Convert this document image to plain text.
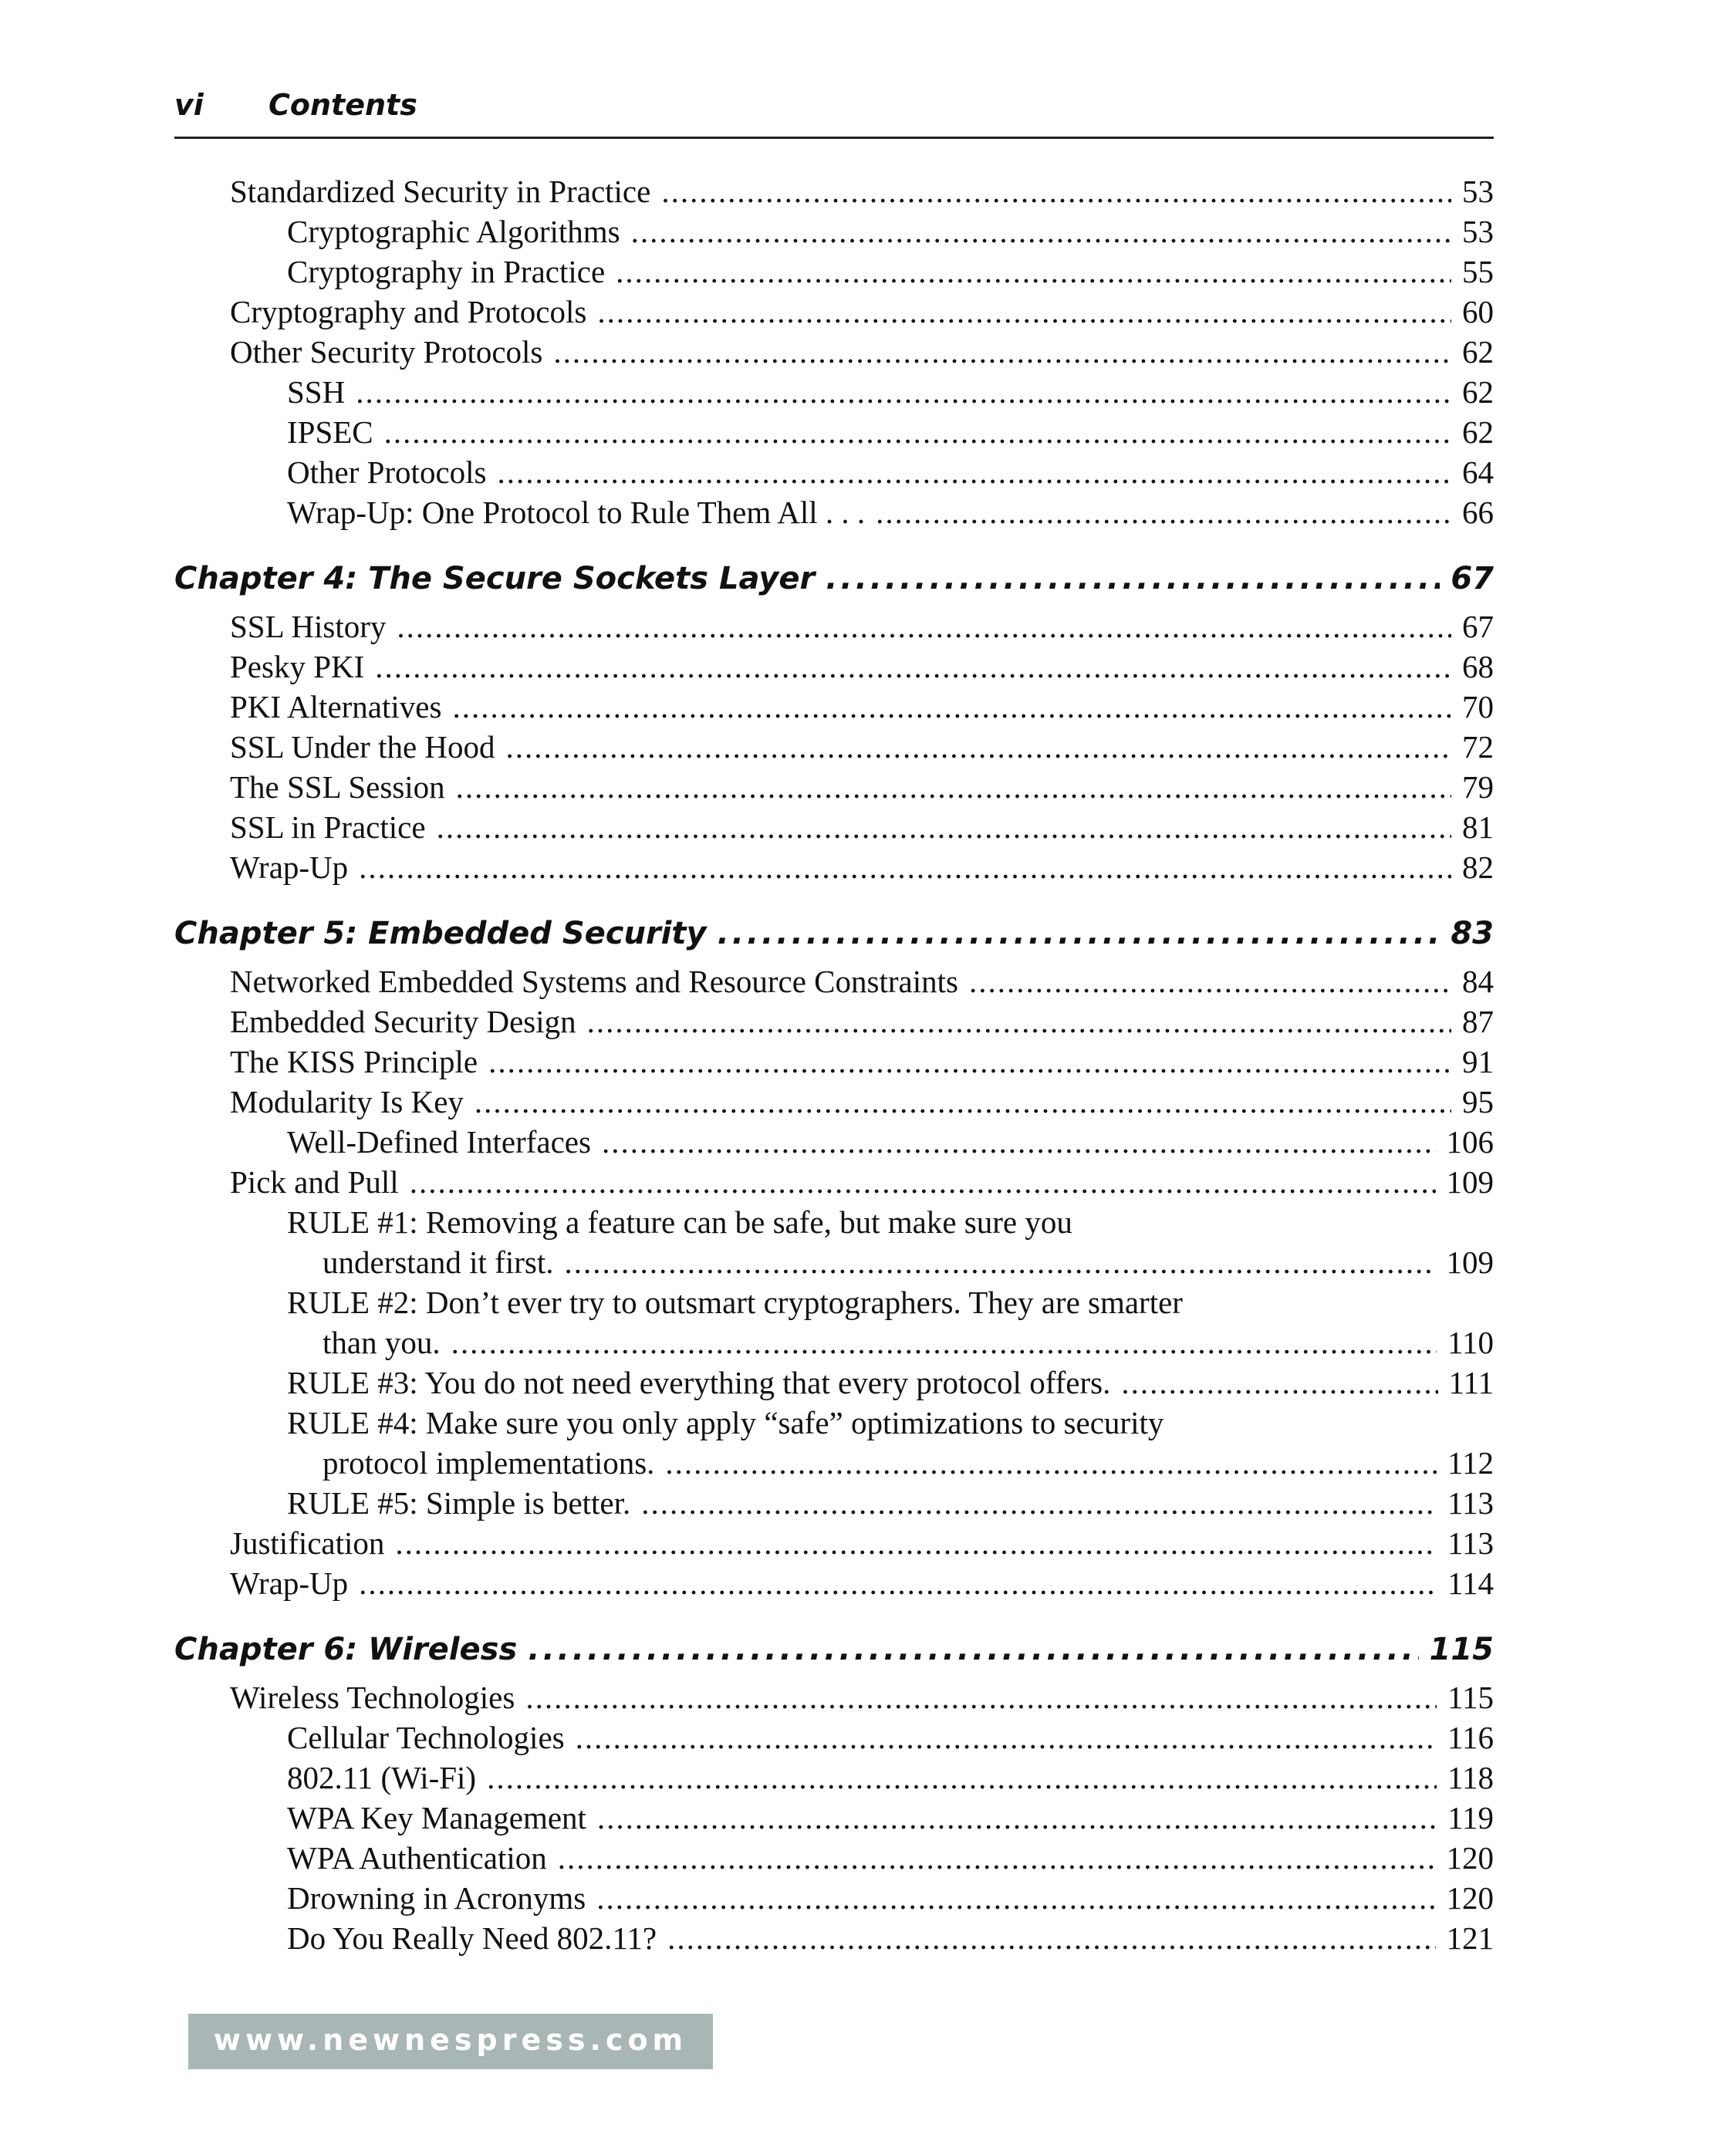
vi Contents
Standardized Security in Practice .....	53
Cryptographic Algorithms .....	53
Cryptography in Practice .....	55
Cryptography and Protocols .....	60
Other Security Protocols .....	62
SSH .....	62
IPSEC .....	62
Other Protocols .....	64
Wrap-Up: One Protocol to Rule Them All . . . .....	66
Chapter 4: The Secure Sockets Layer .....	67
SSL History .....	67
Pesky PKI .....	68
PKI Alternatives .....	70
SSL Under the Hood .....	72
The SSL Session .....	79
SSL in Practice .....	81
Wrap-Up .....	82
Chapter 5: Embedded Security .....	83
Networked Embedded Systems and Resource Constraints .....	84
Embedded Security Design .....	87
The KISS Principle .....	91
Modularity Is Key .....	95
Well-Defined Interfaces .....	106
Pick and Pull .....	109
RULE #1: Removing a feature can be safe, but make sure you
understand it first. .....	109
RULE #2: Don’t ever try to outsmart cryptographers. They are smarter
than you. .....	110
RULE #3: You do not need everything that every protocol offers. .....	111
RULE #4: Make sure you only apply “safe” optimizations to security
protocol implementations. .....	112
RULE #5: Simple is better. .....	113
Justification .....	113
Wrap-Up .....	114
Chapter 6: Wireless .....	115
Wireless Technologies .....	115
Cellular Technologies .....	116
802.11 (Wi-Fi) .....	118
WPA Key Management .....	119
WPA Authentication .....	120
Drowning in Acronyms .....	120
Do You Really Need 802.11? .....	121
www.newnespress.com
